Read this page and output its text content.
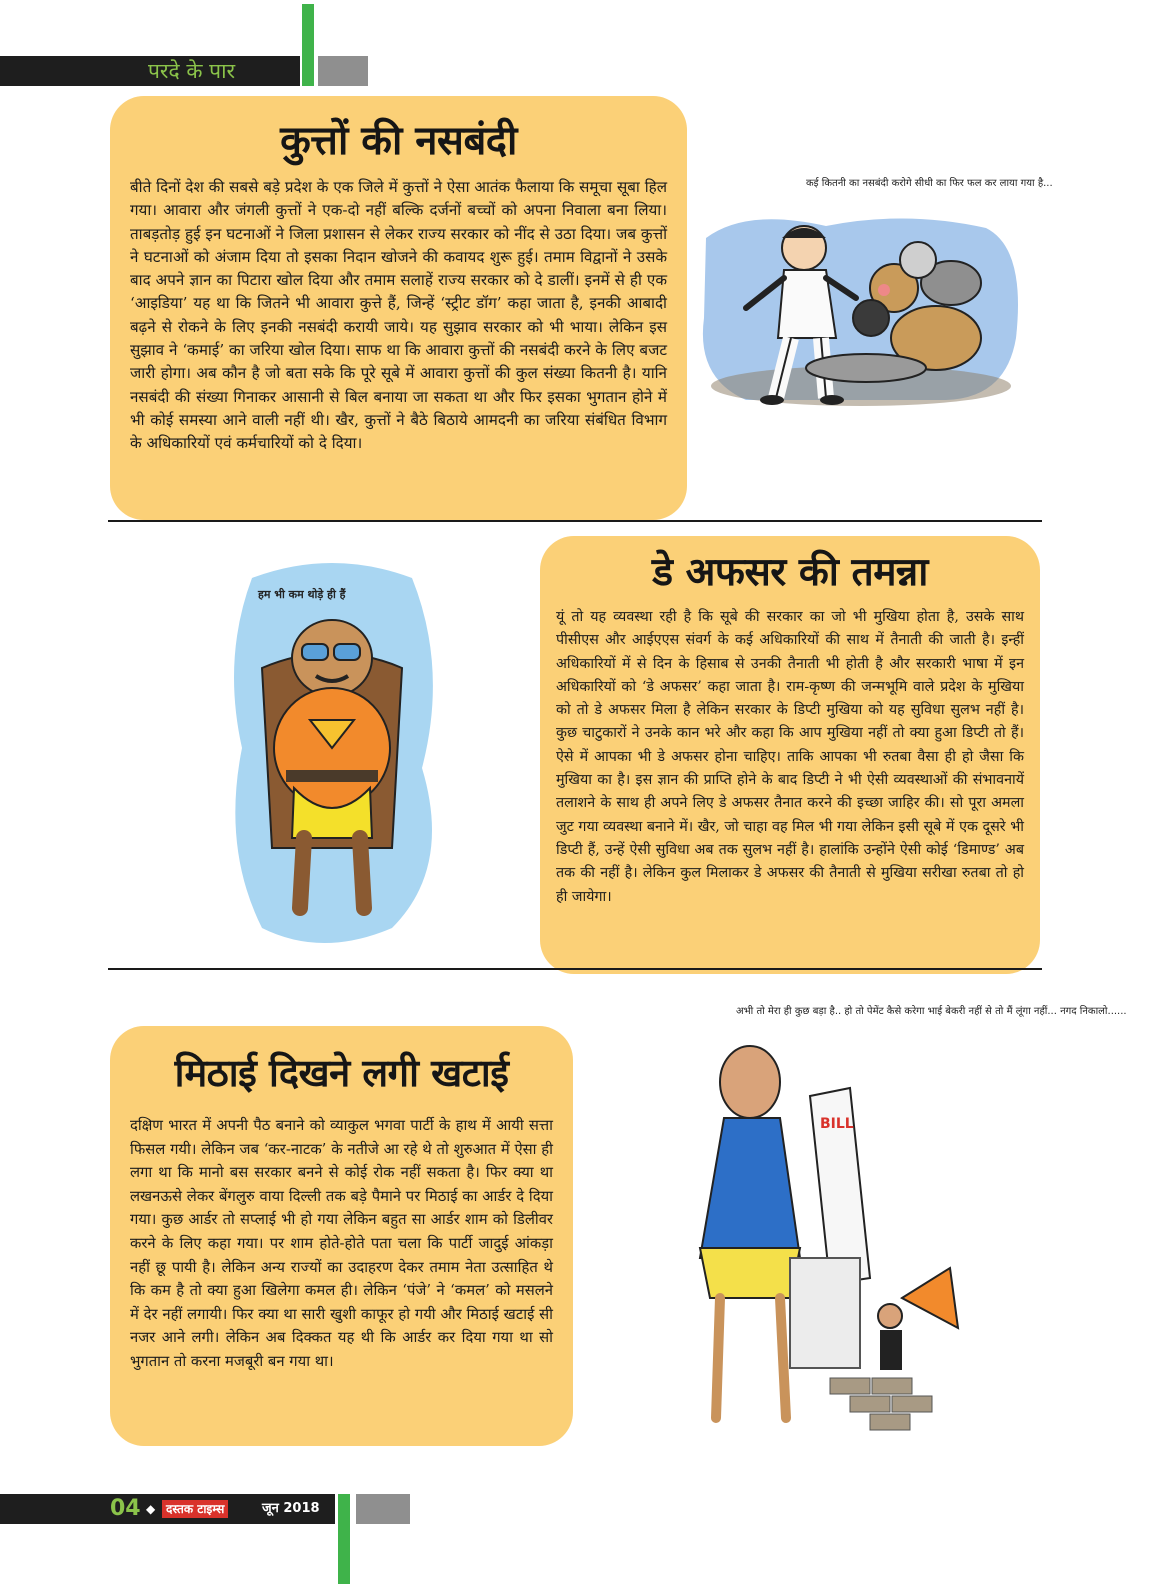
परदे के पार
कुत्तों की नसबंदी

बीते दिनों देश की सबसे बड़े प्रदेश के एक जिले में कुत्तों ने ऐसा आतंक फैलाया कि समूचा सूबा हिल गया। आवारा और जंगली कुत्तों ने एक-दो नहीं बल्कि दर्जनों बच्चों को अपना निवाला बना लिया। ताबड़तोड़ हुई इन घटनाओं ने जिला प्रशासन से लेकर राज्य सरकार को नींद से उठा दिया। जब कुत्तों ने घटनाओं को अंजाम दिया तो इसका निदान खोजने की कवायद शुरू हुई। तमाम विद्वानों ने उसके बाद अपने ज्ञान का पिटारा खोल दिया और तमाम सलाहें राज्य सरकार को दे डालीं। इनमें से ही एक ‘आइडिया’ यह था कि जितने भी आवारा कुत्ते हैं, जिन्हें ‘स्ट्रीट डॉग’ कहा जाता है, इनकी आबादी बढ़ने से रोकने के लिए इनकी नसबंदी करायी जाये। यह सुझाव सरकार को भी भाया। लेकिन इस सुझाव ने ‘कमाई’ का जरिया खोल दिया। साफ था कि आवारा कुत्तों की नसबंदी करने के लिए बजट जारी होगा। अब कौन है जो बता सके कि पूरे सूबे में आवारा कुत्तों की कुल संख्या कितनी है। यानि नसबंदी की संख्या गिनाकर आसानी से बिल बनाया जा सकता था और फिर इसका भुगतान होने में भी कोई समस्या आने वाली नहीं थी। खैर, कुत्तों ने बैठे बिठाये आमदनी का जरिया संबंधित विभाग के अधिकारियों एवं कर्मचारियों को दे दिया।

कई कितनी का नसबंदी करोगे सीधी का फिर फल कर लाया गया है...
हम भी कम थोड़े ही हैं	डे अफसर की तमन्ना

यूं तो यह व्यवस्था रही है कि सूबे की सरकार का जो भी मुखिया होता है, उसके साथ पीसीएस और आईएएस संवर्ग के कई अधिकारियों की साथ में तैनाती की जाती है। इन्हीं अधिकारियों में से दिन के हिसाब से उनकी तैनाती भी होती है और सरकारी भाषा में इन अधिकारियों को ‘डे अफसर’ कहा जाता है। राम-कृष्ण की जन्मभूमि वाले प्रदेश के मुखिया को तो डे अफसर मिला है लेकिन सरकार के डिप्टी मुखिया को यह सुविधा सुलभ नहीं है। कुछ चाटुकारों ने उनके कान भरे और कहा कि आप मुखिया नहीं तो क्या हुआ डिप्टी तो हैं। ऐसे में आपका भी डे अफसर होना चाहिए। ताकि आपका भी रुतबा वैसा ही हो जैसा कि मुखिया का है। इस ज्ञान की प्राप्ति होने के बाद डिप्टी ने भी ऐसी व्यवस्थाओं की संभावनायें तलाशने के साथ ही अपने लिए डे अफसर तैनात करने की इच्छा जाहिर की। सो पूरा अमला जुट गया व्यवस्था बनाने में। खैर, जो चाहा वह मिल भी गया लेकिन इसी सूबे में एक दूसरे भी डिप्टी हैं, उन्हें ऐसी सुविधा अब तक सुलभ नहीं है। हालांकि उन्होंने ऐसी कोई ‘डिमाण्ड’ अब तक की नहीं है। लेकिन कुल मिलाकर डे अफसर की तैनाती से मुखिया सरीखा रुतबा तो हो ही जायेगा।

मिठाई दिखने लगी खटाई

दक्षिण भारत में अपनी पैठ बनाने को व्याकुल भगवा पार्टी के हाथ में आयी सत्ता फिसल गयी। लेकिन जब ‘कर-नाटक’ के नतीजे आ रहे थे तो शुरुआत में ऐसा ही लगा था कि मानो बस सरकार बनने से कोई रोक नहीं सकता है। फिर क्या था लखनऊसे लेकर बेंगलुरु वाया दिल्ली तक बड़े पैमाने पर मिठाई का आर्डर दे दिया गया। कुछ आर्डर तो सप्लाई भी हो गया लेकिन बहुत सा आर्डर शाम को डिलीवर करने के लिए कहा गया। पर शाम होते-होते पता चला कि पार्टी जादुई आंकड़ा नहीं छू पायी है। लेकिन अन्य राज्यों का उदाहरण देकर तमाम नेता उत्साहित थे कि कम है तो क्या हुआ खिलेगा कमल ही। लेकिन ‘पंजे’ ने ‘कमल’ को मसलने में देर नहीं लगायी। फिर क्या था सारी खुशी काफूर हो गयी और मिठाई खटाई सी नजर आने लगी। लेकिन अब दिक्कत यह थी कि आर्डर कर दिया गया था सो भुगतान तो करना मजबूरी बन गया था।

अभी तो मेरा ही कुछ बड़ा है.. हो तो पेमेंट कैसे करेगा भाई बेकरी नहीं से तो मैं लूंगा नहीं... नगद निकालो......
BILL
04 ◆ दस्तक टाइम्स	जून 2018
